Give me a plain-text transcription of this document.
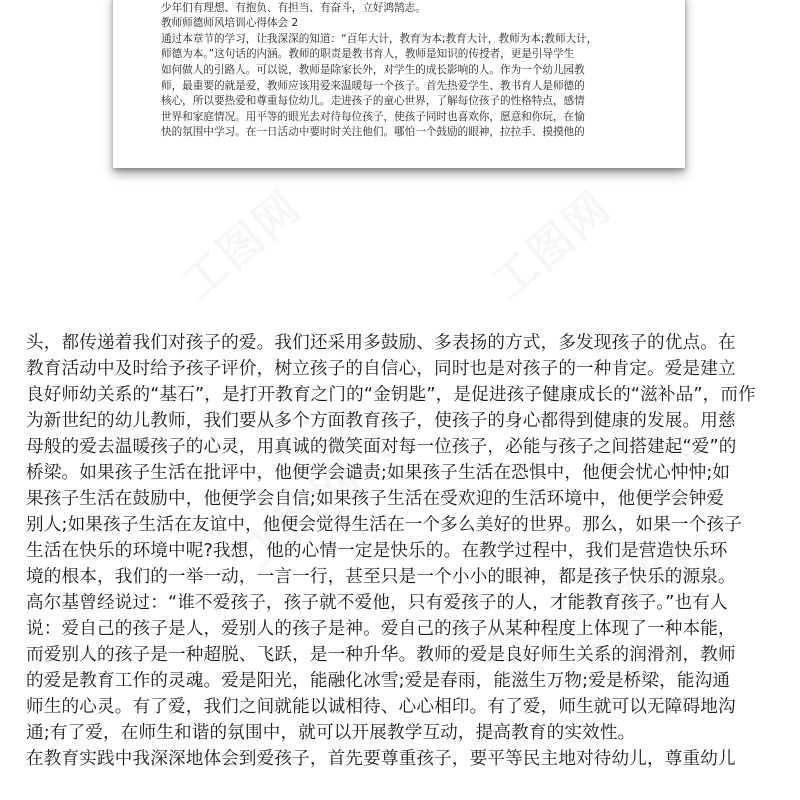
少年们有理想、有抱负、有担当、有奋斗，立好鸿鹄志。

教师师德师风培训心得体会 2

通过本章节的学习，让我深深的知道：“百年大计，教育为本;教育大计，教师为本;教师大计，

师德为本。”这句话的内涵。教师的职责是教书育人，教师是知识的传授者，更是引导学生

如何做人的引路人。可以说，教师是除家长外，对学生的成长影响的人。作为一个幼儿园教

师，最重要的就是爱，教师应该用爱来温暖每一个孩子。首先热爱学生、教书育人是师德的

核心，所以要热爱和尊重每位幼儿。走进孩子的童心世界，了解每位孩子的性格特点，感情

世界和家庭情况。用平等的眼光去对待每位孩子，使孩子同时也喜欢你，愿意和你玩，在愉

快的氛围中学习。在一日活动中要时时关注他们。哪怕一个鼓励的眼神，拉拉手、摸摸他的

工图网	工图网
工图网
工图网

头，都传递着我们对孩子的爱。我们还采用多鼓励、多表扬的方式，多发现孩子的优点。在

教育活动中及时给予孩子评价，树立孩子的自信心，同时也是对孩子的一种肯定。爱是建立

良好师幼关系的“基石”，是打开教育之门的“金钥匙”，是促进孩子健康成长的“滋补品”，而作

为新世纪的幼儿教师，我们要从多个方面教育孩子，使孩子的身心都得到健康的发展。用慈

母般的爱去温暖孩子的心灵，用真诚的微笑面对每一位孩子，必能与孩子之间搭建起“爱”的

桥梁。如果孩子生活在批评中，他便学会谴责;如果孩子生活在恐惧中，他便会忧心忡忡;如

果孩子生活在鼓励中，他便学会自信;如果孩子生活在受欢迎的生活环境中，他便学会钟爱

别人;如果孩子生活在友谊中，他便会觉得生活在一个多么美好的世界。那么，如果一个孩子

生活在快乐的环境中呢?我想，他的心情一定是快乐的。在教学过程中，我们是营造快乐环

境的根本，我们的一举一动，一言一行，甚至只是一个小小的眼神，都是孩子快乐的源泉。

高尔基曾经说过：“谁不爱孩子，孩子就不爱他，只有爱孩子的人，才能教育孩子。”也有人

说：爱自己的孩子是人，爱别人的孩子是神。爱自己的孩子从某种程度上体现了一种本能，

而爱别人的孩子是一种超脱、飞跃，是一种升华。教师的爱是良好师生关系的润滑剂，教师

的爱是教育工作的灵魂。爱是阳光，能融化冰雪;爱是春雨，能滋生万物;爱是桥梁，能沟通

师生的心灵。有了爱，我们之间就能以诚相待、心心相印。有了爱，师生就可以无障碍地沟

通;有了爱，在师生和谐的氛围中，就可以开展教学互动，提高教育的实效性。

在教育实践中我深深地体会到爱孩子，首先要尊重孩子，要平等民主地对待幼儿，尊重幼儿
